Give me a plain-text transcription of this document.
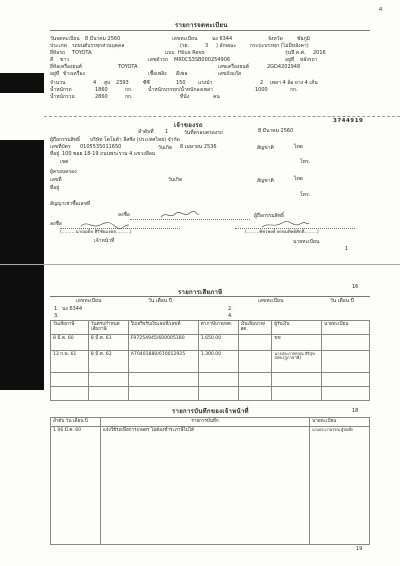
4
รายการจดทะเบียน
วันจดทะเบียน 8 มีนาคม 2560	เลขทะเบียน	นง 6344	จังหวัด	ชัยภูมิ
ประเภท รถยนต์บรรทุกส่วนบุคคล	(รย.	3 ) ลักษณะ	กระบะบรรทุก (ไม่มีหลังคา)
ยี่ห้อรถ TOYOTA	แบบ Hilux Revo	รุ่นปี ค.ศ. 2016
สี ขาว	เลขตัวรถ MR0CS3SB000254906	อยู่ที่ หลังรถา
ยี่ห้อเครื่องยนต์	TOYOTA	เลขเครื่องยนต์	2GD4202948
อยู่ที่ ข้างเครื่อง	เชื้อเพลิง ดีเซล	เลขถังแก๊ส
จำนวน	4 สูบ 2393	ซีซี	150 แรงม้า	2 เพลา 4 ล้อ ยาง 4 เส้น
น้ำหนักรถ	1860	กก.	น้ำหนักบรรทุก/น้ำหนักลงเพลา	1000	กก.
น้ำหนักรวม	2860	กก.	ที่นั่ง	คน
3744919
เจ้าของรถ
ลำดับที่ 1	วันที่ครอบครองรถ	8 มีนาคม 2560
ผู้ถือกรรมสิทธิ์ บริษัท โตโยต้า ลีสซิ่ง (ประเทศไทย) จำกัด
เลขที่บัตร 0105535011650	วันเกิด 8 เมษายน 2536	สัญชาติ	ไทย
ที่อยู่ 100 ซอย 18-19 ถนนพระราม 4 แขวงสีลม
เขต	โทร.
ผู้ครอบครอง
เลขที่	วันเกิด	สัญชาติ	ไทย
ที่อยู่
โทร.
สัญญาเช่าซื้อเลขที่
ลงชื่อ	ผู้ถือกรรมสิทธิ์
ลงชื่อ
(..........นายเผด็จ ศิริชัยมงคล..........)	(.........พัชรพงศ์ พรหมทิพย์ศักดิ์.........)
เจ้าหน้าที่	นายทะเบียน
1
รายการเสียภาษี
16
เลขทะเบียน	วัน เดือน ปี	เลขทะเบียน	วัน เดือน ปี
1. นง 6344	2.
3.	4.
วันเสียภาษี	วันครบกำหนดเสียภาษี	ใบเสร็จรับเงินเล่มที่/เลขที่	ค่าภาษีบาท/สต.	เงินเพิ่มบาท/สต.	ผู้รับเงิน	นายทะเบียน
8 มี.ค. 60	8 มี.ค. 61	F97254945/600005180	1,650.00		ขข	
13 ก.พ. 61	8 มี.ค. 62	A70401880/610012925	1,300.00		นางประภาพรรณ สิริสุข
สสค.(รูภาษาษี)	

รายการบันทึกของเจ้าหน้าที่	18
ลำดับ วัน เดือน ปี	รายการบันทึก	นายทะเบียน
1 06 มี.ค. 60	แจ้งใช้รถเพื่อการเกษตร ไม่ต้องชำระภาษีไม่ได้	นางประภาพรรณ ผู้บันทึก
19
